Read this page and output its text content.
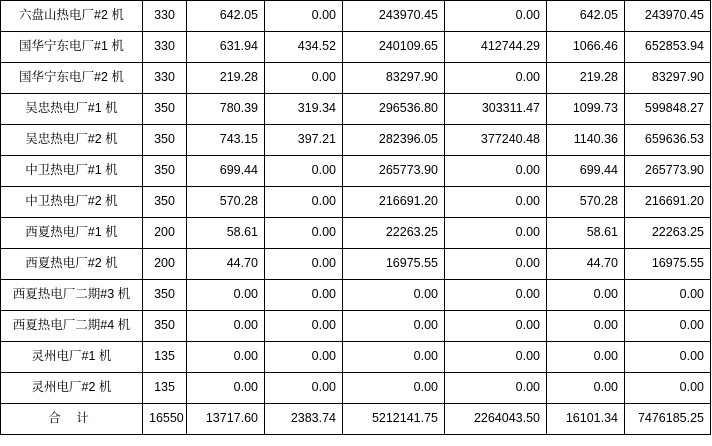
六盘山热电厂#2 机	330	642.05	0.00	243970.45	0.00	642.05	243970.45
国华宁东电厂#1 机	330	631.94	434.52	240109.65	412744.29	1066.46	652853.94
国华宁东电厂#2 机	330	219.28	0.00	83297.90	0.00	219.28	83297.90
吴忠热电厂#1 机	350	780.39	319.34	296536.80	303311.47	1099.73	599848.27
吴忠热电厂#2 机	350	743.15	397.21	282396.05	377240.48	1140.36	659636.53
中卫热电厂#1 机	350	699.44	0.00	265773.90	0.00	699.44	265773.90
中卫热电厂#2 机	350	570.28	0.00	216691.20	0.00	570.28	216691.20
西夏热电厂#1 机	200	58.61	0.00	22263.25	0.00	58.61	22263.25
西夏热电厂#2 机	200	44.70	0.00	16975.55	0.00	44.70	16975.55
西夏热电厂二期#3 机	350	0.00	0.00	0.00	0.00	0.00	0.00
西夏热电厂二期#4 机	350	0.00	0.00	0.00	0.00	0.00	0.00
灵州电厂#1 机	135	0.00	0.00	0.00	0.00	0.00	0.00
灵州电厂#2 机	135	0.00	0.00	0.00	0.00	0.00	0.00
合 计	16550	13717.60	2383.74	5212141.75	2264043.50	16101.34	7476185.25
